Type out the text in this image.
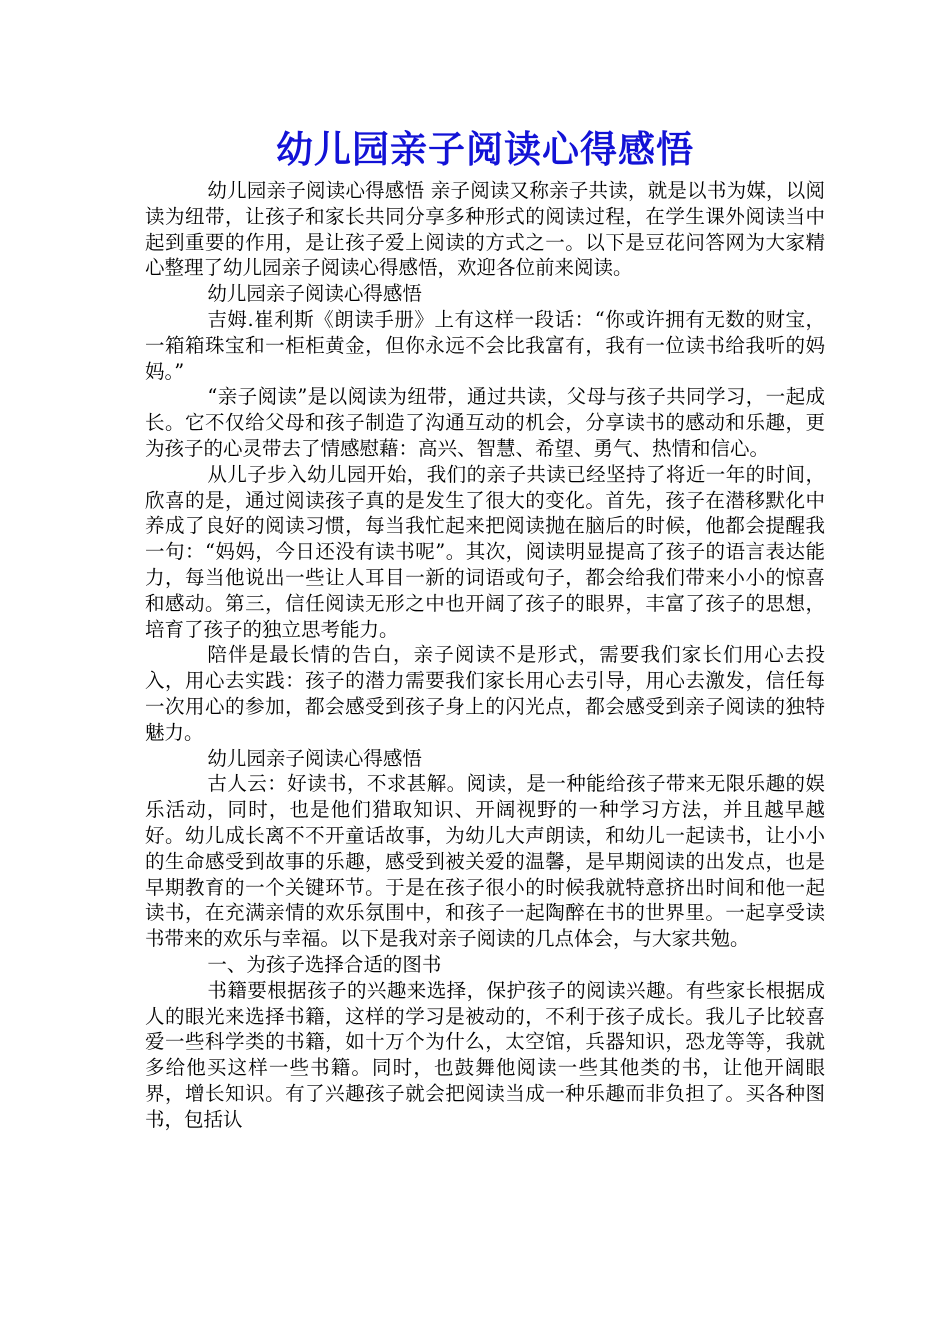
幼儿园亲子阅读心得感悟

幼儿园亲子阅读心得感悟 亲子阅读又称亲子共读，就是以书为媒，以阅读为纽带，让孩子和家长共同分享多种形式的阅读过程，在学生课外阅读当中起到重要的作用，是让孩子爱上阅读的方式之一。以下是豆花问答网为大家精心整理了幼儿园亲子阅读心得感悟，欢迎各位前来阅读。

幼儿园亲子阅读心得感悟

吉姆.崔利斯《朗读手册》上有这样一段话：“你或许拥有无数的财宝，一箱箱珠宝和一柜柜黄金，但你永远不会比我富有，我有一位读书给我听的妈妈。”

“亲子阅读”是以阅读为纽带，通过共读，父母与孩子共同学习，一起成长。它不仅给父母和孩子制造了沟通互动的机会，分享读书的感动和乐趣，更为孩子的心灵带去了情感慰藉：高兴、智慧、希望、勇气、热情和信心。

从儿子步入幼儿园开始，我们的亲子共读已经坚持了将近一年的时间，欣喜的是，通过阅读孩子真的是发生了很大的变化。首先，孩子在潜移默化中养成了良好的阅读习惯，每当我忙起来把阅读抛在脑后的时候，他都会提醒我一句：“妈妈，今日还没有读书呢”。其次，阅读明显提高了孩子的语言表达能力，每当他说出一些让人耳目一新的词语或句子，都会给我们带来小小的惊喜和感动。第三，信任阅读无形之中也开阔了孩子的眼界，丰富了孩子的思想，培育了孩子的独立思考能力。

陪伴是最长情的告白，亲子阅读不是形式，需要我们家长们用心去投入，用心去实践：孩子的潜力需要我们家长用心去引导，用心去激发，信任每一次用心的参加，都会感受到孩子身上的闪光点，都会感受到亲子阅读的独特魅力。

幼儿园亲子阅读心得感悟

古人云：好读书，不求甚解。阅读，是一种能给孩子带来无限乐趣的娱乐活动，同时，也是他们猎取知识、开阔视野的一种学习方法，并且越早越好。幼儿成长离不不开童话故事，为幼儿大声朗读，和幼儿一起读书，让小小的生命感受到故事的乐趣，感受到被关爱的温馨，是早期阅读的出发点，也是早期教育的一个关键环节。于是在孩子很小的时候我就特意挤出时间和他一起读书，在充满亲情的欢乐氛围中，和孩子一起陶醉在书的世界里。一起享受读书带来的欢乐与幸福。以下是我对亲子阅读的几点体会，与大家共勉。

一、为孩子选择合适的图书

书籍要根据孩子的兴趣来选择，保护孩子的阅读兴趣。有些家长根据成人的眼光来选择书籍，这样的学习是被动的，不利于孩子成长。我儿子比较喜爱一些科学类的书籍，如十万个为什么，太空馆，兵器知识，恐龙等等，我就多给他买这样一些书籍。同时，也鼓舞他阅读一些其他类的书，让他开阔眼界，增长知识。有了兴趣孩子就会把阅读当成一种乐趣而非负担了。买各种图书，包括认
